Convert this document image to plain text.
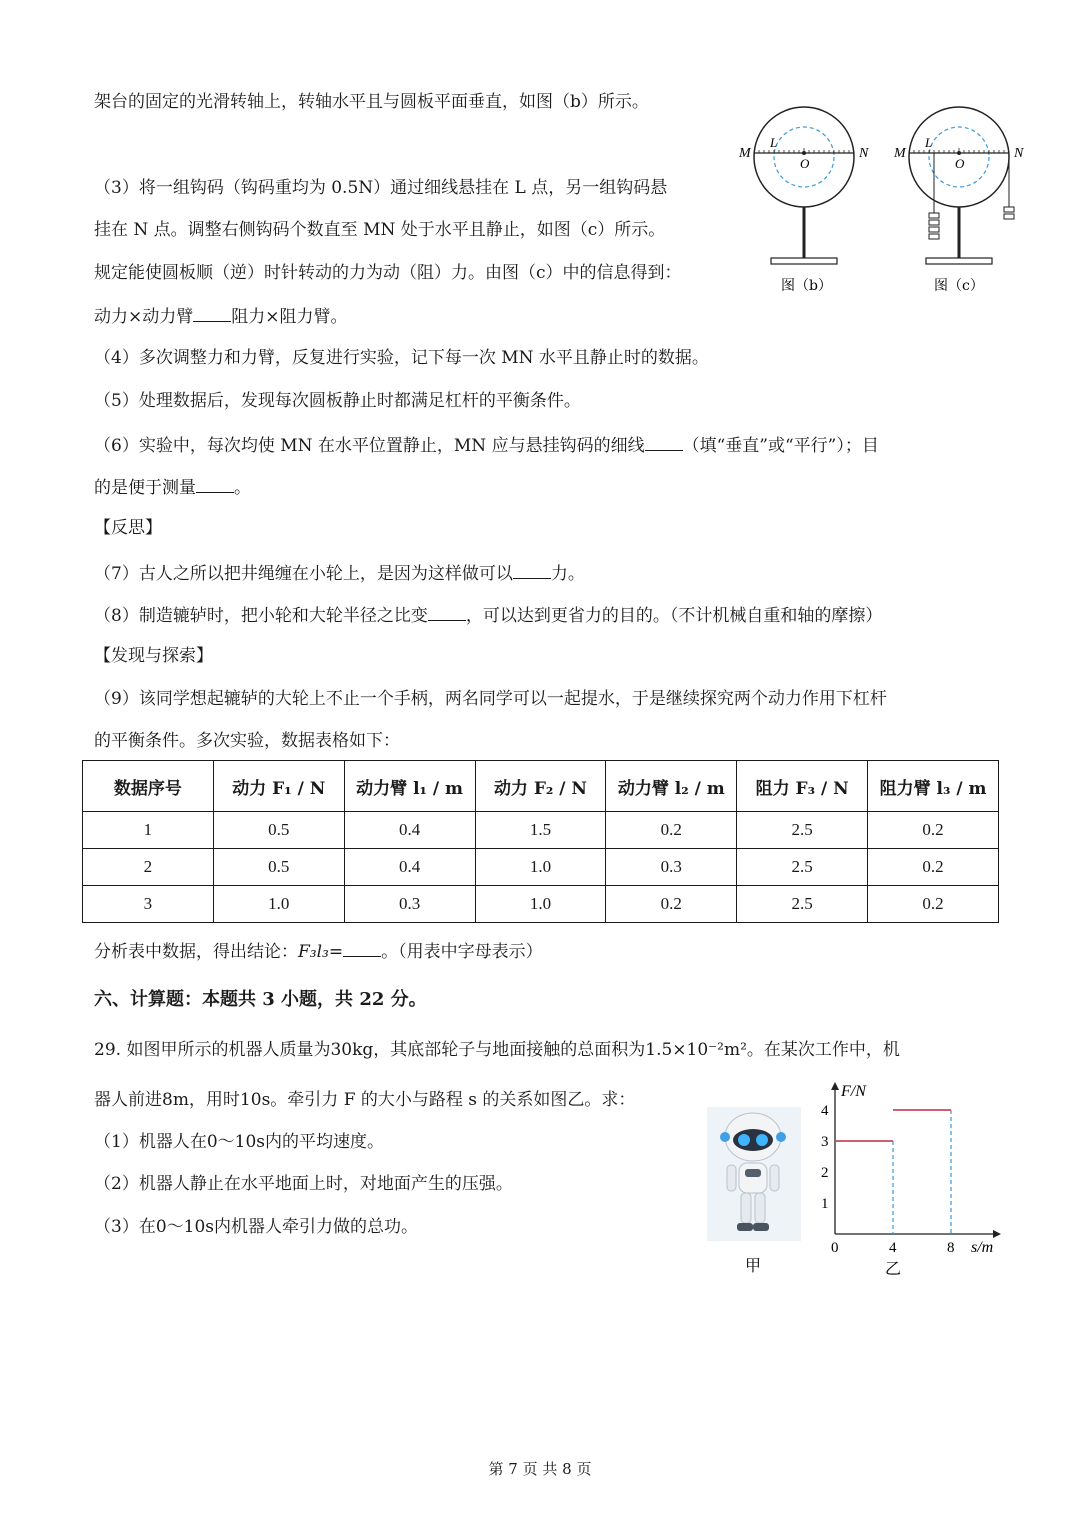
架台的固定的光滑转轴上，转轴水平且与圆板平面垂直，如图（b）所示。
（3）将一组钩码（钩码重均为 0.5N）通过细线悬挂在 L 点，另一组钩码悬
挂在 N 点。调整右侧钩码个数直至 MN 处于水平且静止，如图（c）所示。
规定能使圆板顺（逆）时针转动的力为动（阻）力。由图（c）中的信息得到：
动力×动力臂 阻力×阻力臂。
（4）多次调整力和力臂，反复进行实验，记下每一次 MN 水平且静止时的数据。
（5）处理数据后，发现每次圆板静止时都满足杠杆的平衡条件。
（6）实验中，每次均使 MN 在水平位置静止，MN 应与悬挂钩码的细线 （填“垂直”或“平行”）；目
的是便于测量 。
【反思】
（7）古人之所以把井绳缠在小轮上，是因为这样做可以 力。
（8）制造辘轳时，把小轮和大轮半径之比变 ，可以达到更省力的目的。（不计机械自重和轴的摩擦）
【发现与探索】
（9）该同学想起辘轳的大轮上不止一个手柄，两名同学可以一起提水，于是继续探究两个动力作用下杠杆
的平衡条件。多次实验，数据表格如下：
数据序号	动力 F₁ / N	动力臂 l₁ / m	动力 F₂ / N	动力臂 l₂ / m	阻力 F₃ / N	阻力臂 l₃ / m
1	0.5	0.4	1.5	0.2	2.5	0.2
2	0.5	0.4	1.0	0.3	2.5	0.2
3	1.0	0.3	1.0	0.2	2.5	0.2
分析表中数据，得出结论：F₃l₃= 。（用表中字母表示）
六、计算题：本题共 3 小题，共 22 分。
29. 如图甲所示的机器人质量为30kg，其底部轮子与地面接触的总面积为1.5×10⁻²m²。在某次工作中，机
器人前进8m，用时10s。牵引力 F 的大小与路程 s 的关系如图乙。求：
（1）机器人在0～10s内的平均速度。
（2）机器人静止在水平地面上时，对地面产生的压强。
（3）在0～10s内机器人牵引力做的总功。
M	N
L
O
图（b）
M	N
L
O
图（c）
甲
F/N
s/m
1
2
3
4
0	4	8
乙
第 7 页 共 8 页
